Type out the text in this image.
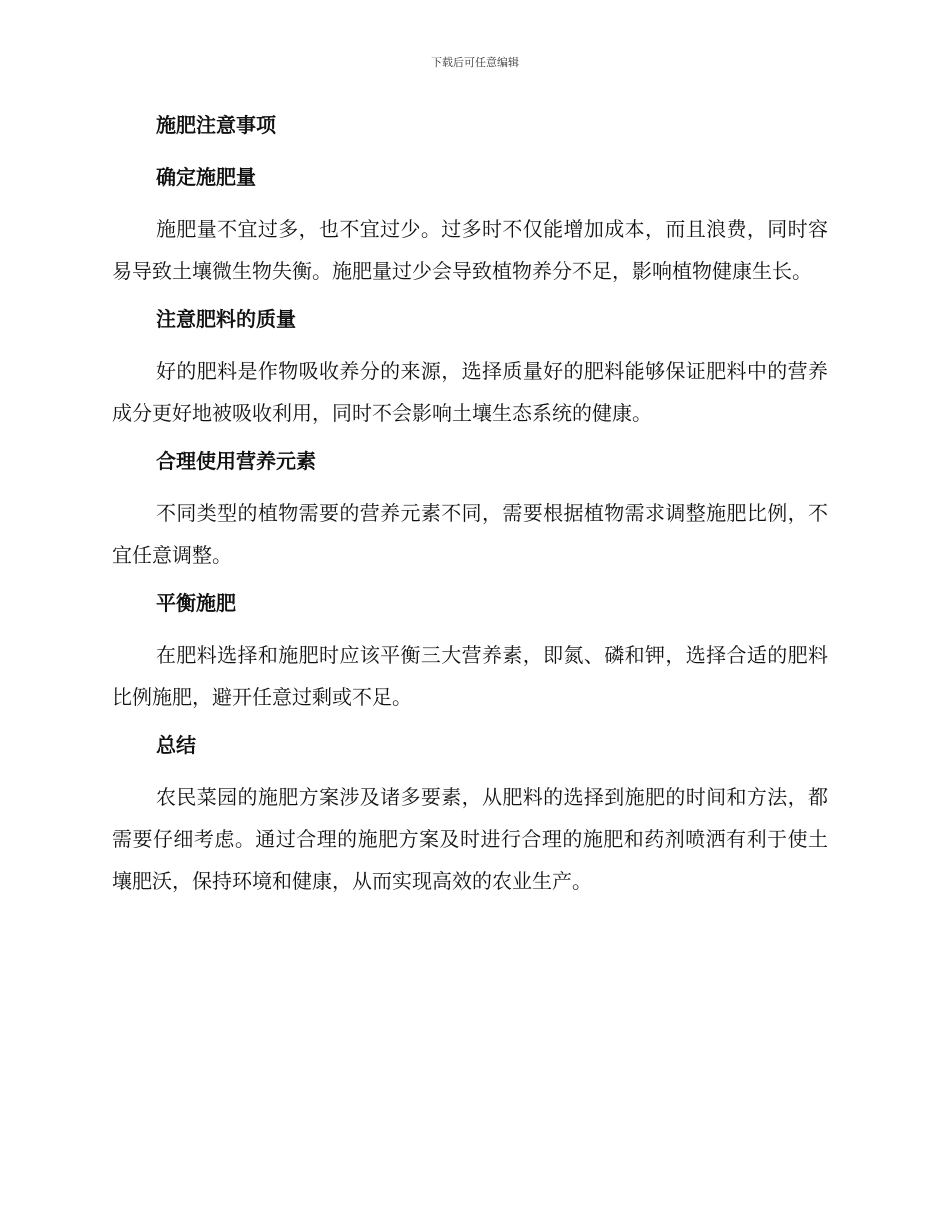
下载后可任意编辑
施肥注意事项
确定施肥量
施肥量不宜过多，也不宜过少。过多时不仅能增加成本，而且浪费，同时容易导致土壤微生物失衡。施肥量过少会导致植物养分不足，影响植物健康生长。
注意肥料的质量
好的肥料是作物吸收养分的来源，选择质量好的肥料能够保证肥料中的营养成分更好地被吸收利用，同时不会影响土壤生态系统的健康。
合理使用营养元素
不同类型的植物需要的营养元素不同，需要根据植物需求调整施肥比例，不宜任意调整。
平衡施肥
在肥料选择和施肥时应该平衡三大营养素，即氮、磷和钾，选择合适的肥料比例施肥，避开任意过剩或不足。
总结
农民菜园的施肥方案涉及诸多要素，从肥料的选择到施肥的时间和方法，都需要仔细考虑。通过合理的施肥方案及时进行合理的施肥和药剂喷洒有利于使土壤肥沃，保持环境和健康，从而实现高效的农业生产。
